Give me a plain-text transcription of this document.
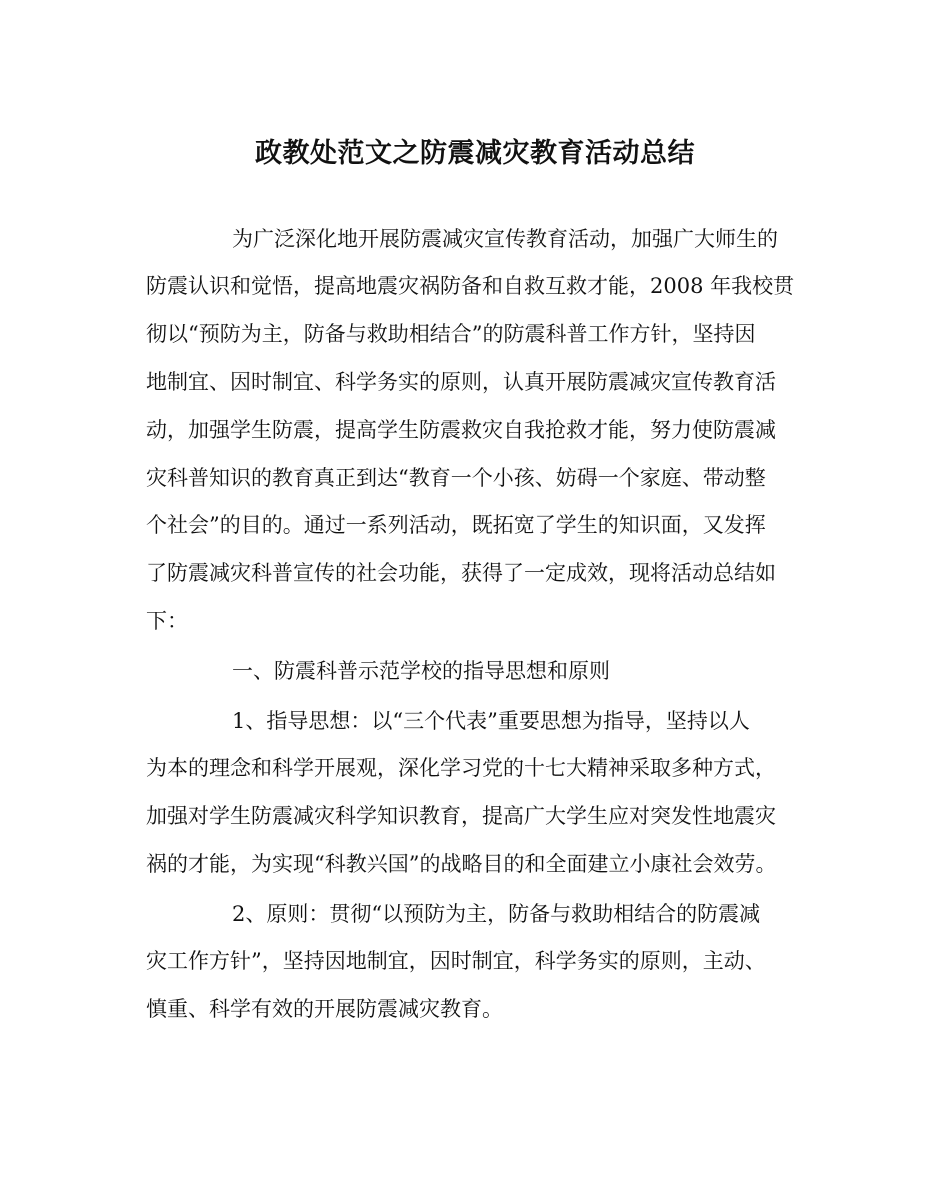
政教处范文之防震减灾教育活动总结
为广泛深化地开展防震减灾宣传教育活动，加强广大师生的
防震认识和觉悟，提高地震灾祸防备和自救互救才能，2008 年我校贯
彻以“预防为主，防备与救助相结合”的防震科普工作方针，坚持因
地制宜、因时制宜、科学务实的原则，认真开展防震减灾宣传教育活
动，加强学生防震，提高学生防震救灾自我抢救才能，努力使防震减
灾科普知识的教育真正到达“教育一个小孩、妨碍一个家庭、带动整
个社会”的目的。通过一系列活动，既拓宽了学生的知识面，又发挥
了防震减灾科普宣传的社会功能，获得了一定成效，现将活动总结如
下：
一、防震科普示范学校的指导思想和原则
1、指导思想：以“三个代表”重要思想为指导，坚持以人
为本的理念和科学开展观，深化学习党的十七大精神采取多种方式，
加强对学生防震减灾科学知识教育，提高广大学生应对突发性地震灾
祸的才能，为实现“科教兴国”的战略目的和全面建立小康社会效劳。
2、原则：贯彻“以预防为主，防备与救助相结合的防震减
灾工作方针”，坚持因地制宜，因时制宜，科学务实的原则，主动、
慎重、科学有效的开展防震减灾教育。
